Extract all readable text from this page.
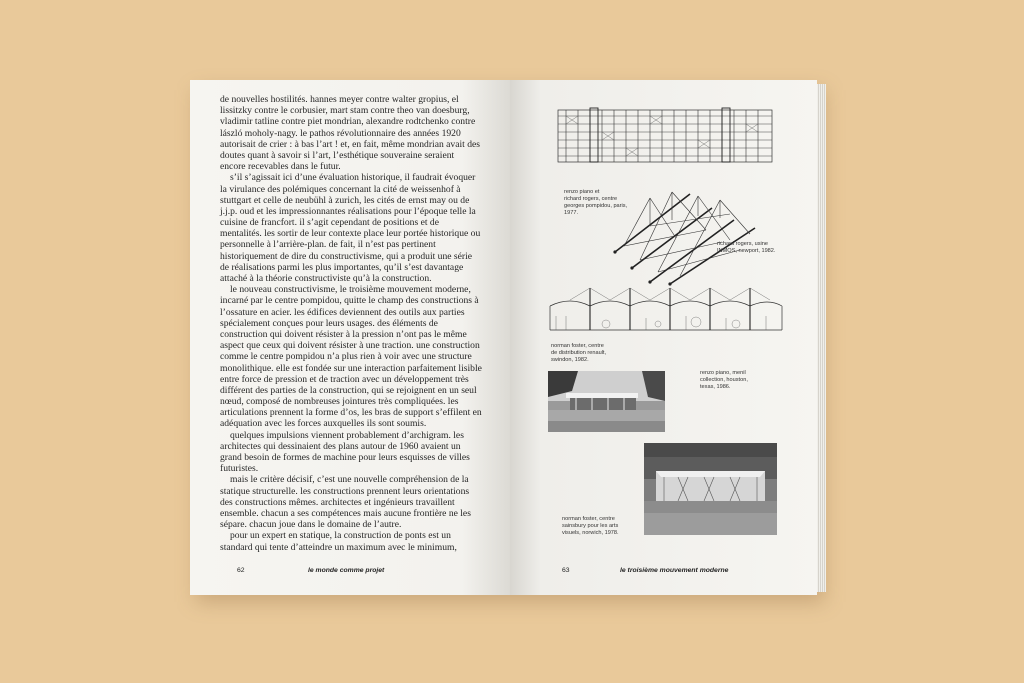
de nouvelles hostilités. hannes meyer contre walter gropius, el lissitzky contre le corbusier, mart stam contre theo van doesburg, vladimir tatline contre piet mondrian, alexandre rodtchenko contre lászló moholy-nagy. le pathos révolutionnaire des années 1920 autorisait de crier : à bas l’art ! et, en fait, même mondrian avait des doutes quant à savoir si l’art, l’esthétique souveraine seraient encore recevables dans le futur.

s’il s’agissait ici d’une évaluation historique, il faudrait évoquer la virulance des polémiques concernant la cité de weissenhof à stuttgart et celle de neubühl à zurich, les cités de ernst may ou de j.j.p. oud et les impressionnantes réalisations pour l’époque telle la cuisine de francfort. il s’agit cependant de positions et de mentalités. les sortir de leur contexte place leur portée historique ou personnelle à l’arrière-plan. de fait, il n’est pas pertinent historiquement de dire du constructivisme, qui a produit une série de réalisations parmi les plus importantes, qu’il s’est davantage attaché à la théorie constructiviste qu’à la construction.

le nouveau constructivisme, le troisième mouvement moderne, incarné par le centre pompidou, quitte le champ des constructions à l’ossature en acier. les édifices deviennent des outils aux parties spécialement conçues pour leurs usages. des éléments de construction qui doivent résister à la pression n’ont pas le même aspect que ceux qui doivent résister à une traction. une construction comme le centre pompidou n’a plus rien à voir avec une structure monolithique. elle est fondée sur une interaction parfaitement lisible entre force de pression et de traction avec un développement très différent des parties de la construction, qui se rejoignent en un seul nœud, composé de nombreuses jointures très compliquées. les articulations prennent la forme d’os, les bras de support s’effilent en adéquation avec les forces auxquelles ils sont soumis.

quelques impulsions viennent probablement d’archigram. les architectes qui dessinaient des plans autour de 1960 avaient un grand besoin de formes de machine pour leurs esquisses de villes futuristes.

mais le critère décisif, c’est une nouvelle compréhension de la statique structurelle. les constructions prennent leurs orientations des constructions mêmes. architectes et ingénieurs travaillent ensemble. chacun a ses compétences mais aucune frontière ne les sépare. chacun joue dans le domaine de l’autre.

pour un expert en statique, la construction de ponts est un standard qui tente d’atteindre un maximum avec le minimum,

62	le monde comme projet

renzo piano et
richard rogers, centre
georges pompidou, paris,
1977.

richard rogers, usine
INMOS, newport, 1982.

norman foster, centre
de distribution renault,
swindon, 1982.

renzo piano, menil
collection, houston,
texas, 1986.

norman foster, centre
sainsbury pour les arts
visuels, norwich, 1978.

63	le troisième mouvement moderne
